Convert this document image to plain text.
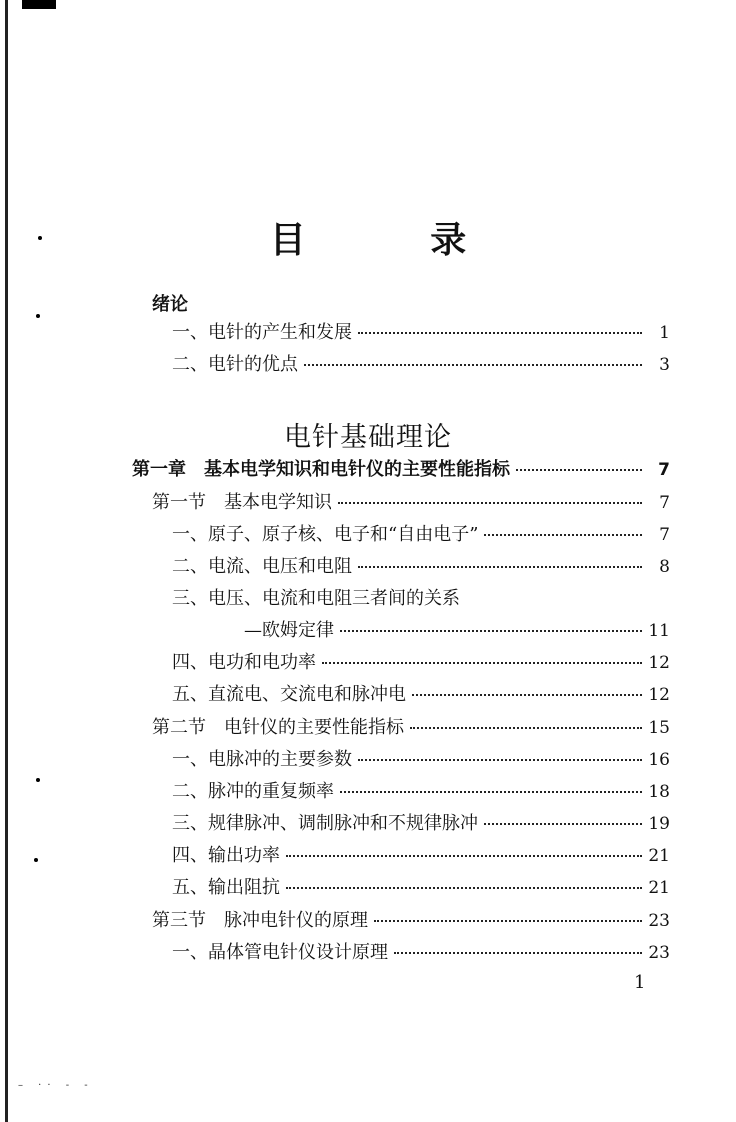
目 录
绪论
一、电针的产生和发展	1
二、电针的优点	3
电针基础理论
第一章　基本电学知识和电针仪的主要性能指标	7
第一节　基本电学知识	7
一、原子、原子核、电子和“自由电子”	7
二、电流、电压和电阻	8
三、电压、电流和电阻三者间的关系
—欧姆定律	11
四、电功和电功率	12
五、直流电、交流电和脉冲电	12
第二节　电针仪的主要性能指标	15
一、电脉冲的主要参数	16
二、脉冲的重复频率	18
三、规律脉冲、调制脉冲和不规律脉冲	19
四、输出功率	21
五、输出阻抗	21
第三节　脉冲电针仪的原理	23
一、晶体管电针仪设计原理	23
1
– ·· - -
